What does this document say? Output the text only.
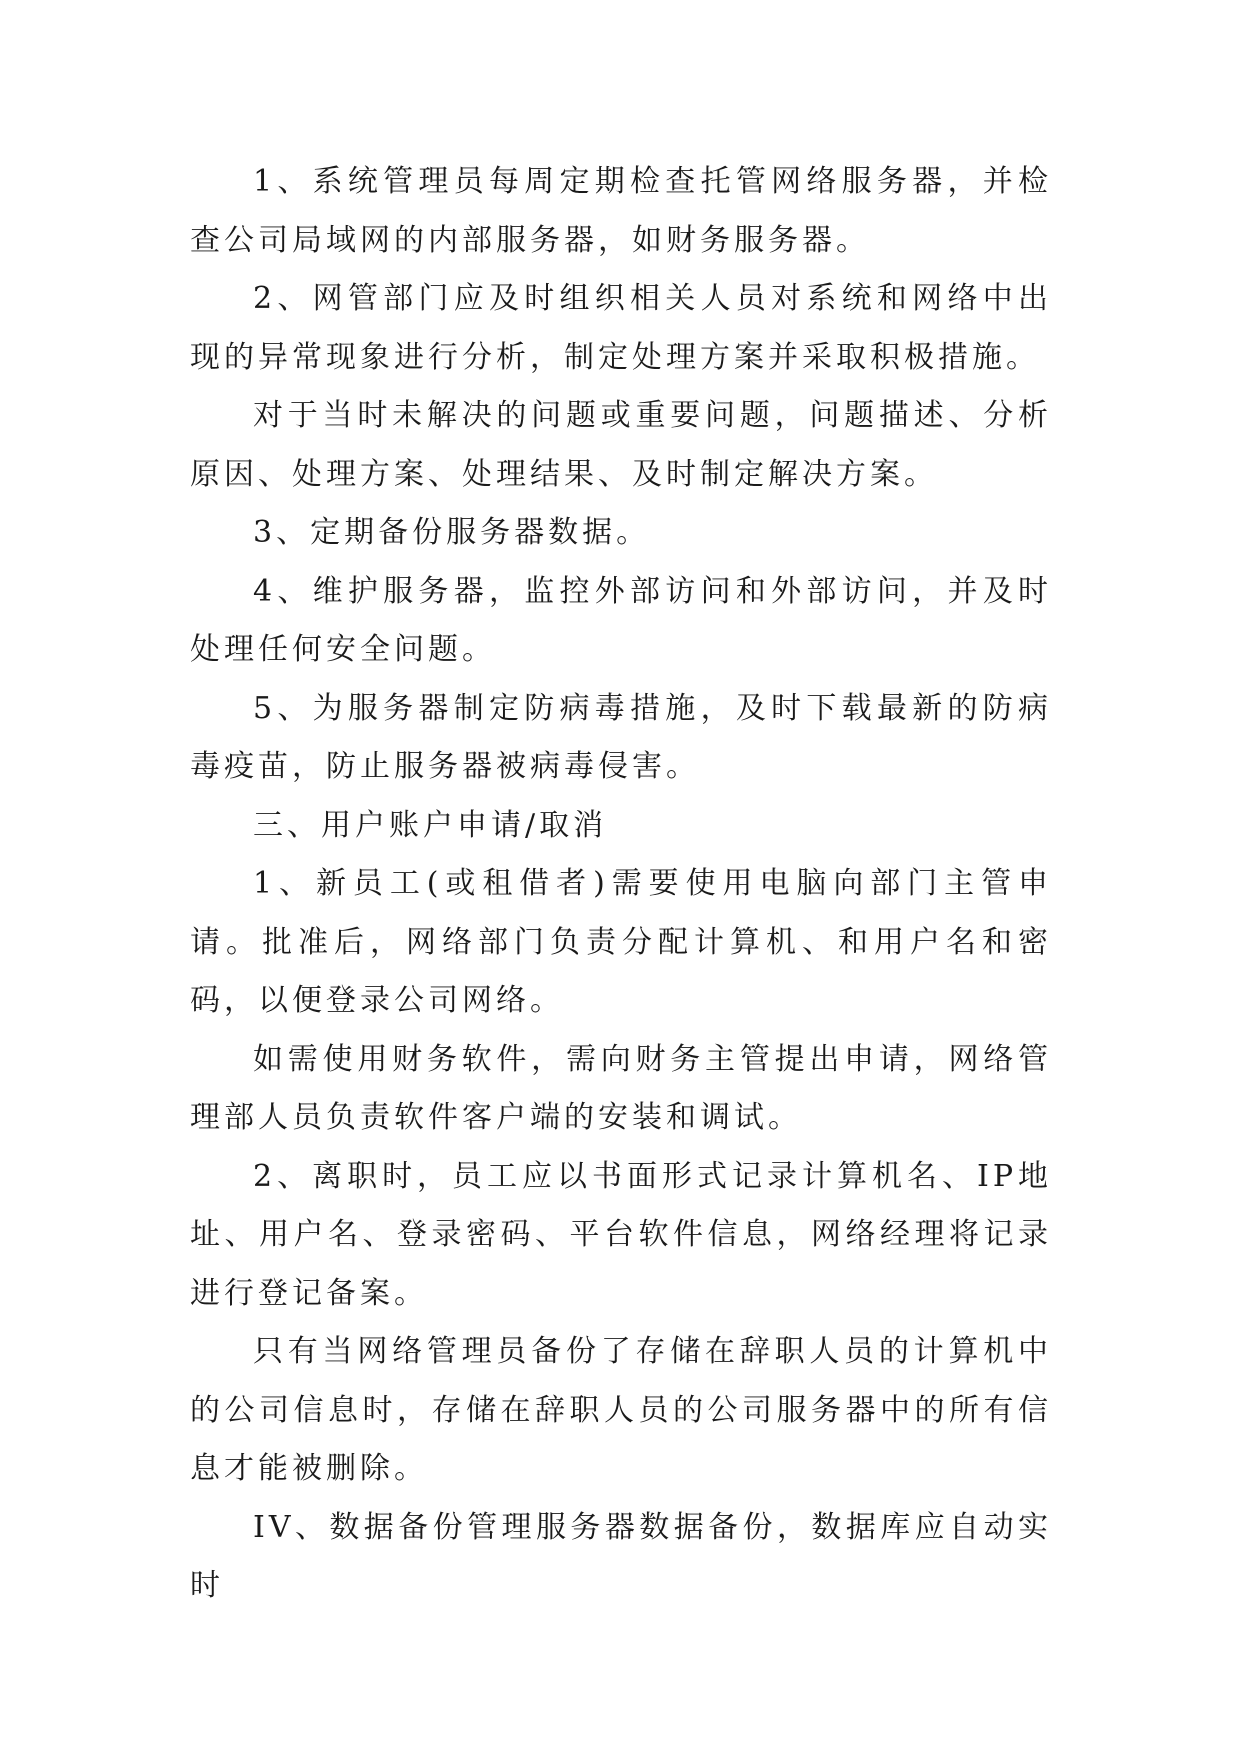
1、系统管理员每周定期检查托管网络服务器，并检查公司局域网的内部服务器，如财务服务器。

2、网管部门应及时组织相关人员对系统和网络中出现的异常现象进行分析，制定处理方案并采取积极措施。

对于当时未解决的问题或重要问题，问题描述、分析原因、处理方案、处理结果、及时制定解决方案。

3、定期备份服务器数据。

4、维护服务器，监控外部访问和外部访问，并及时处理任何安全问题。

5、为服务器制定防病毒措施，及时下载最新的防病毒疫苗，防止服务器被病毒侵害。

三、用户账户申请/取消

1、新员工(或租借者)需要使用电脑向部门主管申请。批准后，网络部门负责分配计算机、和用户名和密码，以便登录公司网络。

如需使用财务软件，需向财务主管提出申请，网络管理部人员负责软件客户端的安装和调试。

2、离职时，员工应以书面形式记录计算机名、IP地址、用户名、登录密码、平台软件信息，网络经理将记录进行登记备案。

只有当网络管理员备份了存储在辞职人员的计算机中的公司信息时，存储在辞职人员的公司服务器中的所有信息才能被删除。

IV、数据备份管理服务器数据备份，数据库应自动实时
